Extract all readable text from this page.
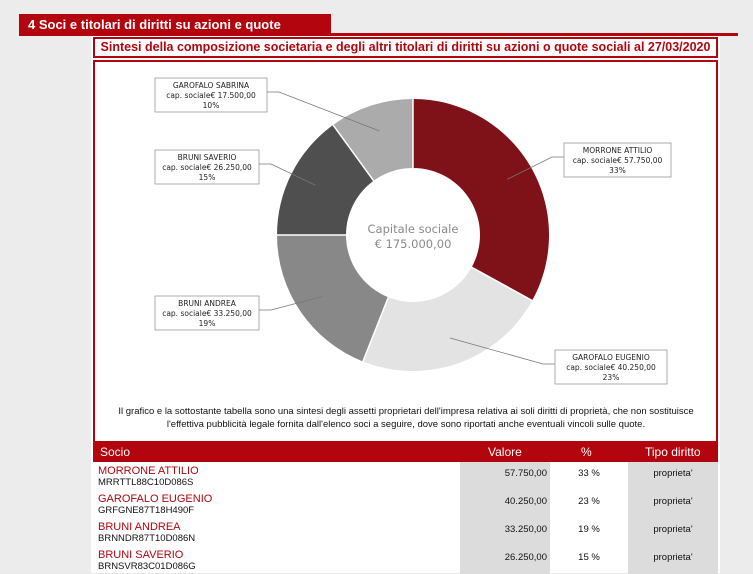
4 Soci e titolari di diritti su azioni e quote
Sintesi della composizione societaria e degli altri titolari di diritti su azioni o quote sociali al 27/03/2020
MORRONE ATTILIO
cap. sociale€ 57.750,00
33%
GAROFALO EUGENIO
cap. sociale€ 40.250,00
23%
BRUNI ANDREA
cap. sociale€ 33.250,00
19%
BRUNI SAVERIO
cap. sociale€ 26.250,00
15%
GAROFALO SABRINA
cap. sociale€ 17.500,00
10%
Capitale sociale
€ 175.000,00
Il grafico e la sottostante tabella sono una sintesi degli assetti proprietari dell'impresa relativa ai soli diritti di proprietà, che non sostituisce l'effettiva pubblicità legale fornita dall'elenco soci a seguire, dove sono riportati anche eventuali vincoli sulle quote.
Socio	Valore	%	Tipo diritto
MORRONE ATTILIO
MRRTTL88C10D086S
57.750,00	33 %	proprieta'
GAROFALO EUGENIO
GRFGNE87T18H490F
40.250,00	23 %	proprieta'
BRUNI ANDREA
BRNNDR87T10D086N
33.250,00	19 %	proprieta'
BRUNI SAVERIO
BRNSVR83C01D086G
26.250,00	15 %	proprieta'
